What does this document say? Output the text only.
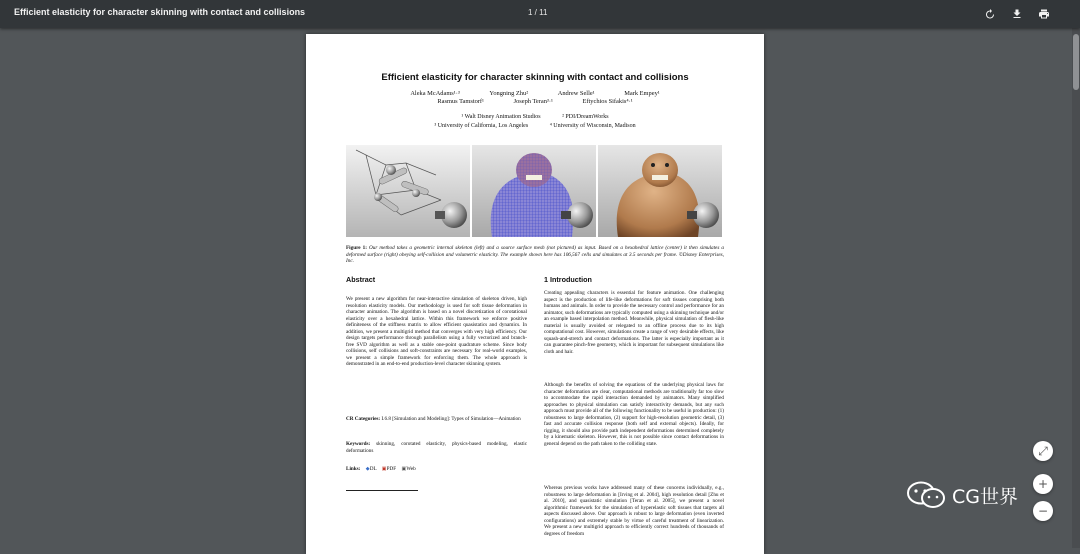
Efficient elasticity for character skinning with contact and collisions	1 / 11
Efficient elasticity for character skinning with contact and collisions
Aleka McAdams¹·³	Yongning Zhu²	Andrew Selle¹	Mark Empey¹
Rasmus Tamstorf¹	Joseph Teran³·¹	Eftychios Sifakis⁴·¹
¹ Walt Disney Animation Studios	² PDI/DreamWorks
³ University of California, Los Angeles	⁴ University of Wisconsin, Madison
Figure 1: Our method takes a geometric internal skeleton (left) and a source surface mesh (not pictured) as input. Based on a hexahedral lattice (center) it then simulates a deformed surface (right) obeying self-collision and volumetric elasticity. The example shown here has 106,567 cells and simulates at 3.5 seconds per frame. ©Disney Enterprises, Inc.
Abstract
We present a new algorithm for near-interactive simulation of skeleton driven, high resolution elasticity models. Our methodology is used for soft tissue deformation in character animation. The algorithm is based on a novel discretization of corotational elasticity over a hexahedral lattice. Within this framework we enforce positive definiteness of the stiffness matrix to allow efficient quasistatics and dynamics. In addition, we present a multigrid method that converges with very high efficiency. Our design targets performance through parallelism using a fully vectorized and branch-free SVD algorithm as well as a stable one-point quadrature scheme. Since body collisions, self collisions and soft-constraints are necessary for real-world examples, we present a simple framework for enforcing them. The whole approach is demonstrated in an end-to-end production-level character skinning system.
CR Categories: I.6.8 [Simulation and Modeling]: Types of Simulation—Animation
Keywords: skinning, corotated elasticity, physics-based modeling, elastic deformations
Links: ◆DL ▣PDF ▣Web
1 Introduction
Creating appealing characters is essential for feature animation. One challenging aspect is the production of life-like deformations for soft tissues comprising both humans and animals. In order to provide the necessary control and performance for an animator, such deformations are typically computed using a skinning technique and/or an example based interpolation method. Meanwhile, physical simulation of flesh-like material is usually avoided or relegated to an offline process due to its high computational cost. However, simulations create a range of very desirable effects, like squash-and-stretch and contact deformations. The latter is especially important as it can guarantee pinch-free geometry, which is important for subsequent simulations like cloth and hair.
Although the benefits of solving the equations of the underlying physical laws for character deformation are clear, computational methods are traditionally far too slow to accommodate the rapid interaction demanded by animators. Many simplified approaches to physical simulation can satisfy interactivity demands, but any such approach must provide all of the following functionality to be useful in production: (1) robustness to large deformation, (2) support for high-resolution geometric detail, (3) fast and accurate collision response (both self and external objects). Ideally, for rigging, it should also provide path independent deformations determined completely by a kinematic skeleton. However, this is not possible since contact deformations in general depend on the path taken to the colliding state.
Whereas previous works have addressed many of these concerns individually, e.g., robustness to large deformation in [Irving et al. 2004], high resolution detail [Zhu et al. 2010], and quasistatic simulation [Teran et al. 2005], we present a novel algorithmic framework for the simulation of hyperelastic soft tissues that targets all aspects discussed above. Our approach is robust to large deformation (even inverted configurations) and extremely stable by virtue of careful treatment of linearization. We present a new multigrid approach to efficiently correct hundreds of thousands of degrees of freedom
⤢
+
−
CG世界
